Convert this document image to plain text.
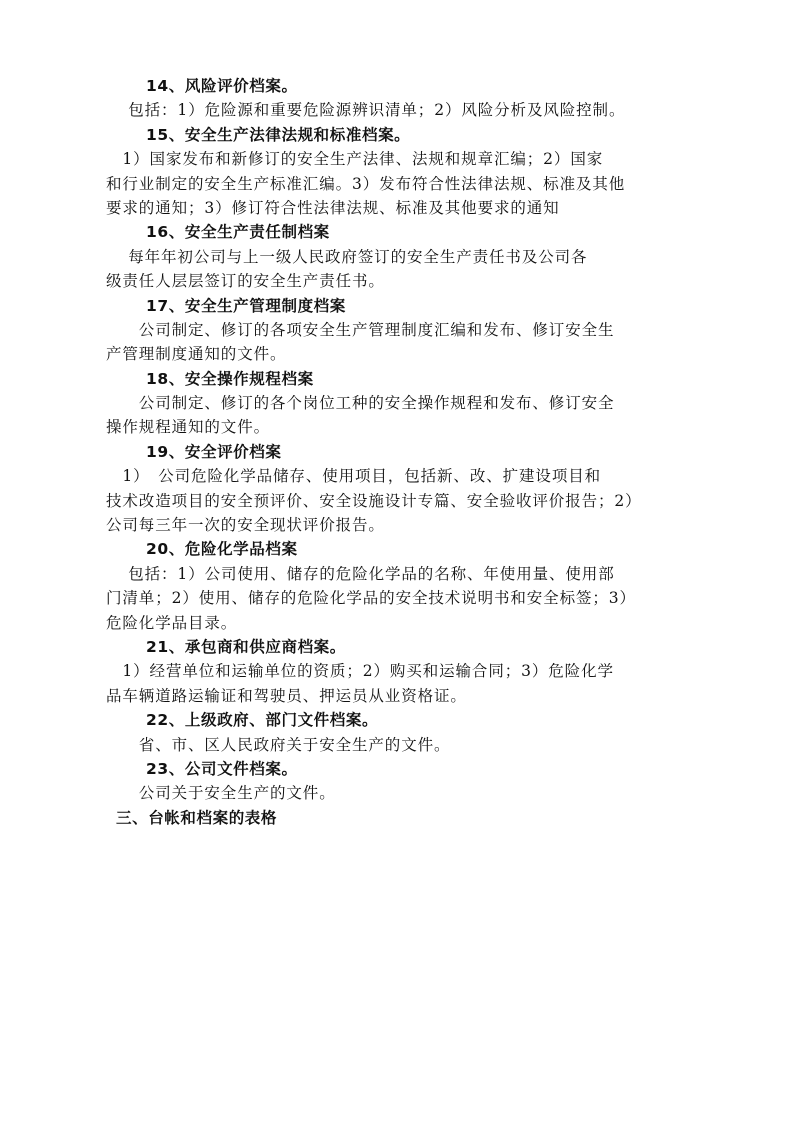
14、风险评价档案。

　 包括：1）危险源和重要危险源辨识清单；2）风险分析及风险控制。

15、安全生产法律法规和标准档案。

　1）国家发布和新修订的安全生产法律、法规和规章汇编；2）国家
和行业制定的安全生产标准汇编。3）发布符合性法律法规、标准及其他
要求的通知；3）修订符合性法律法规、标准及其他要求的通知

16、安全生产责任制档案

　 每年年初公司与上一级人民政府签订的安全生产责任书及公司各
级责任人层层签订的安全生产责任书。

17、安全生产管理制度档案

　　公司制定、修订的各项安全生产管理制度汇编和发布、修订安全生
产管理制度通知的文件。

18、安全操作规程档案

　　公司制定、修订的各个岗位工种的安全操作规程和发布、修订安全
操作规程通知的文件。

19、安全评价档案

　1）　公司危险化学品储存、使用项目，包括新、改、扩建设项目和
技术改造项目的安全预评价、安全设施设计专篇、安全验收评价报告；2）
公司每三年一次的安全现状评价报告。

20、危险化学品档案

　 包括：1）公司使用、储存的危险化学品的名称、年使用量、使用部
门清单；2）使用、储存的危险化学品的安全技术说明书和安全标签；3）
危险化学品目录。

21、承包商和供应商档案。

　1）经营单位和运输单位的资质；2）购买和运输合同；3）危险化学
品车辆道路运输证和驾驶员、押运员从业资格证。

22、上级政府、部门文件档案。

　　省、市、区人民政府关于安全生产的文件。

23、公司文件档案。

　　公司关于安全生产的文件。

三、台帐和档案的表格
